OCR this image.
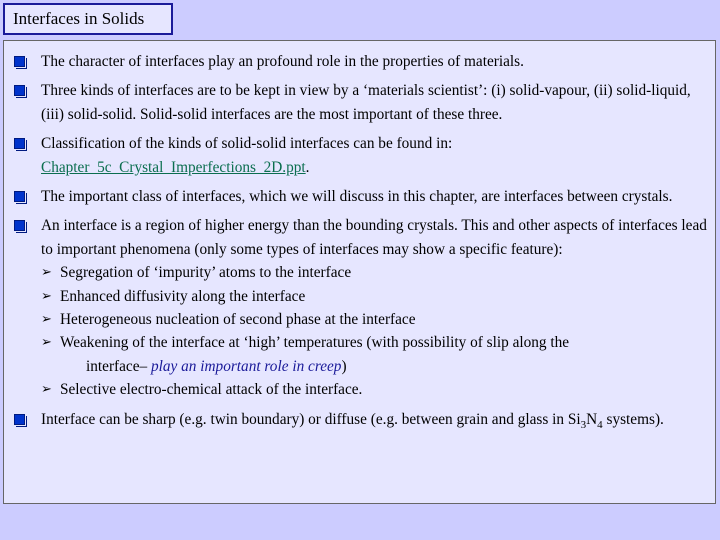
Interfaces in Solids
The character of interfaces play an profound role in the properties of materials.
Three kinds of interfaces are to be kept in view by a ‘materials scientist’: (i) solid-vapour, (ii) solid-liquid, (iii) solid-solid. Solid-solid interfaces are the most important of these three.
Classification of the kinds of solid-solid interfaces can be found in:
Chapter_5c_Crystal_Imperfections_2D.ppt.
The important class of interfaces, which we will discuss in this chapter, are interfaces between crystals.
An interface is a region of higher energy than the bounding crystals. This and other aspects of interfaces lead to important phenomena (only some types of interfaces may show a specific feature):
➢ Segregation of ‘impurity’ atoms to the interface
➢ Enhanced diffusivity along the interface
➢ Heterogeneous nucleation of second phase at the interface
➢ Weakening of the interface at ‘high’ temperatures (with possibility of slip along the
interface– play an important role in creep)
➢ Selective electro-chemical attack of the interface.
Interface can be sharp (e.g. twin boundary) or diffuse (e.g. between grain and glass in $Si_3N_4$ systems).
